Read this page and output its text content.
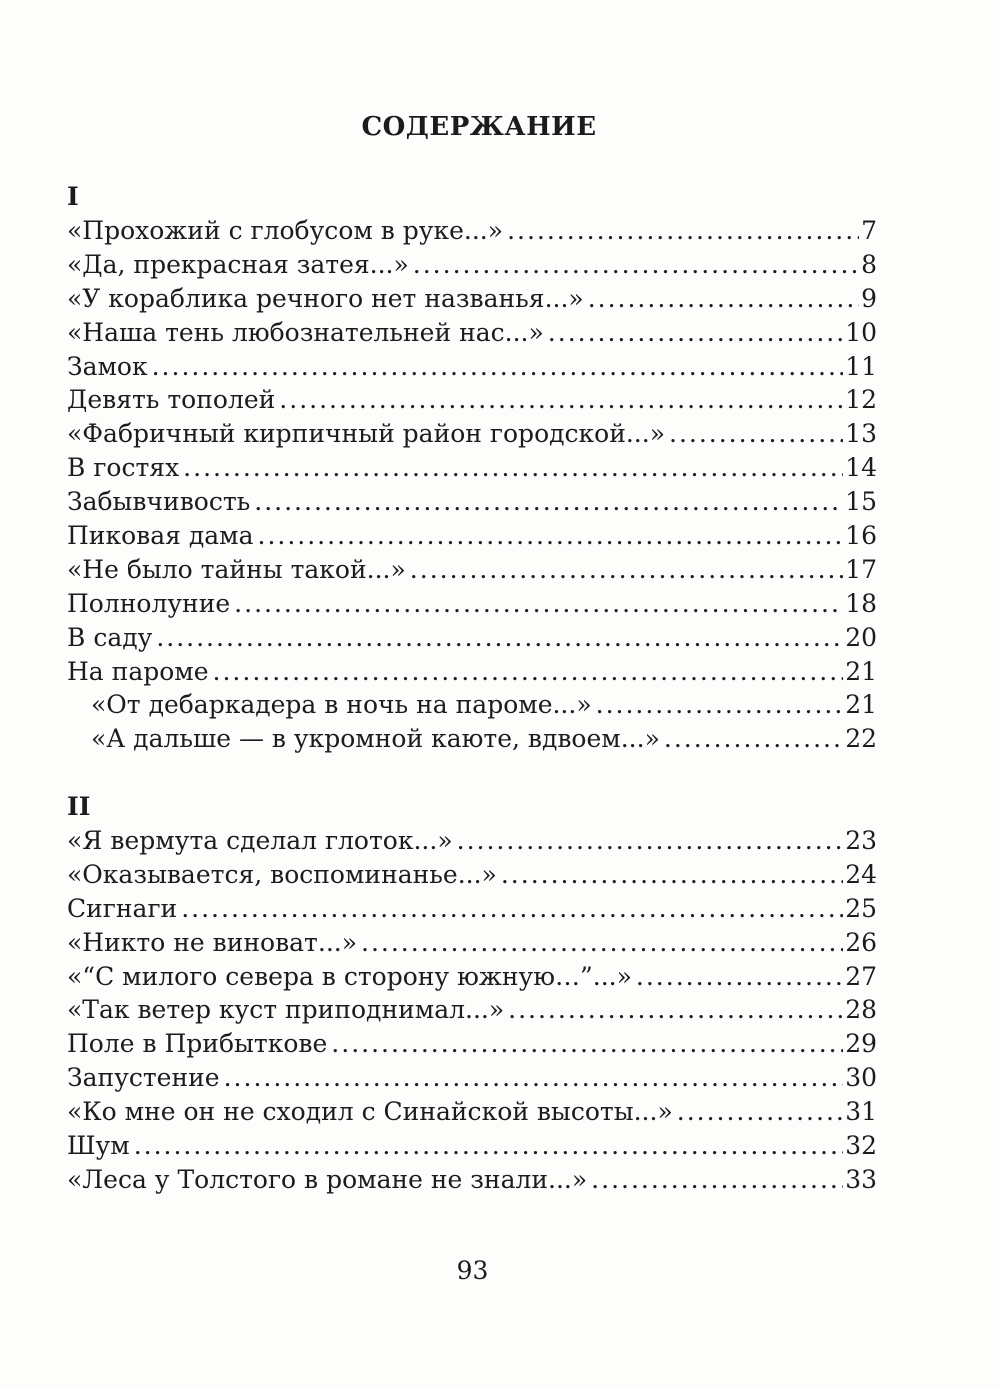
СОДЕРЖАНИЕ
I
«Прохожий с глобусом в руке...» .....	7
«Да, прекрасная затея...» .....	8
«У кораблика речного нет названья...» .....	9
«Наша тень любознательней нас...» .....	10
Замок .....	11
Девять тополей .....	12
«Фабричный кирпичный район городской...» .....	13
В гостях .....	14
Забывчивость .....	15
Пиковая дама .....	16
«Не было тайны такой...» .....	17
Полнолуние .....	18
В саду .....	20
На пароме .....	21
«От дебаркадера в ночь на пароме...» .....	21
«А дальше — в укромной каюте, вдвоем...» .....	22
II
«Я вермута сделал глоток...» .....	23
«Оказывается, воспоминанье...» .....	24
Сигнаги .....	25
«Никто не виноват...» .....	26
«“С милого севера в сторону южную…”...» .....	27
«Так ветер куст приподнимал...» .....	28
Поле в Прибыткове .....	29
Запустение .....	30
«Ко мне он не сходил с Синайской высоты...» .....	31
Шум .....	32
«Леса у Толстого в романе не знали...» .....	33
93
